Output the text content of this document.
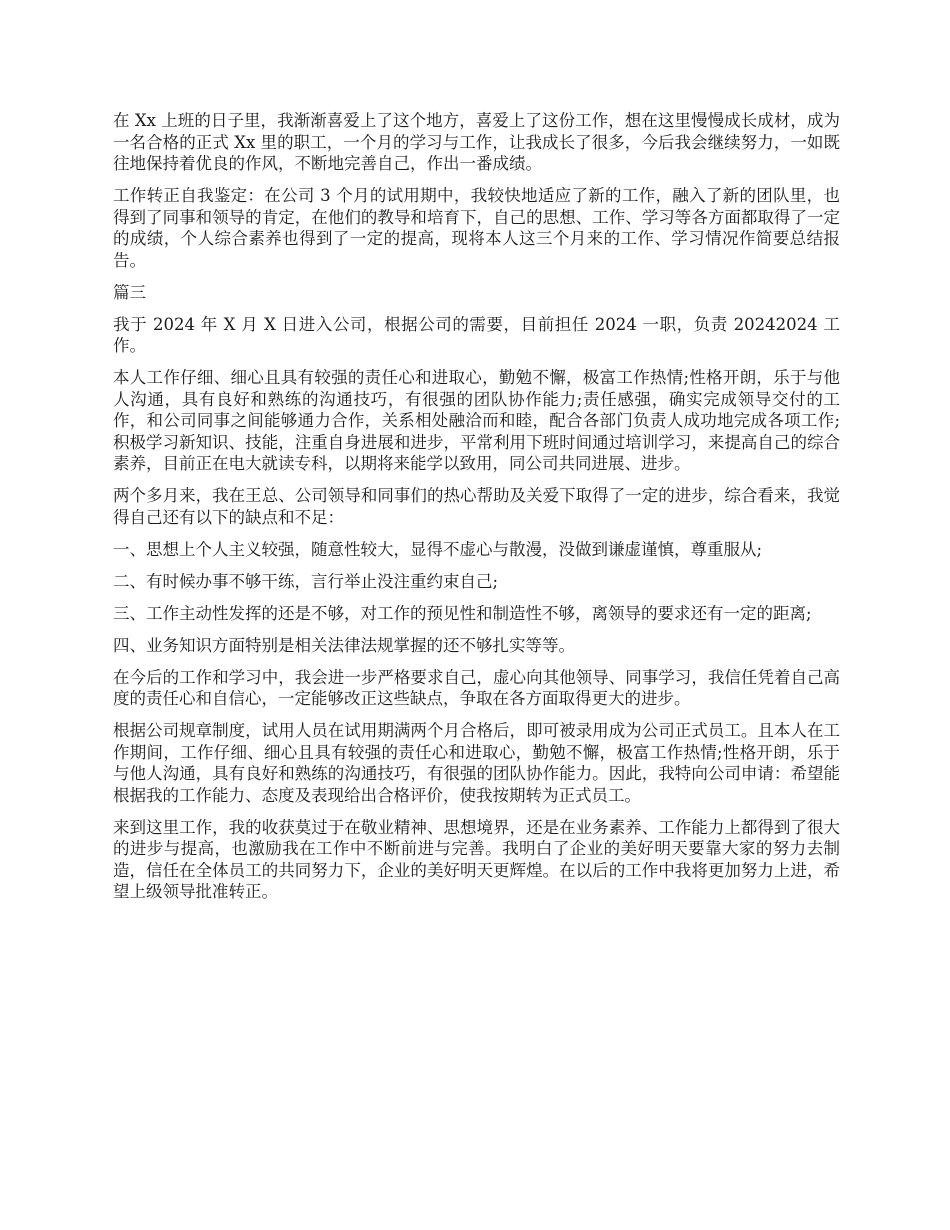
在 Xx 上班的日子里，我渐渐喜爱上了这个地方，喜爱上了这份工作，想在这里慢慢成长成材，成为一名合格的正式 Xx 里的职工，一个月的学习与工作，让我成长了很多，今后我会继续努力，一如既往地保持着优良的作风，不断地完善自己，作出一番成绩。

工作转正自我鉴定：在公司 3 个月的试用期中，我较快地适应了新的工作，融入了新的团队里，也得到了同事和领导的肯定，在他们的教导和培育下，自己的思想、工作、学习等各方面都取得了一定的成绩，个人综合素养也得到了一定的提高，现将本人这三个月来的工作、学习情况作简要总结报告。

篇三

我于 2024 年 X 月 X 日进入公司，根据公司的需要，目前担任 2024 一职，负责 20242024 工作。

本人工作仔细、细心且具有较强的责任心和进取心，勤勉不懈，极富工作热情;性格开朗，乐于与他人沟通，具有良好和熟练的沟通技巧，有很强的团队协作能力;责任感强，确实完成领导交付的工作，和公司同事之间能够通力合作，关系相处融洽而和睦，配合各部门负责人成功地完成各项工作;积极学习新知识、技能，注重自身进展和进步，平常利用下班时间通过培训学习，来提高自己的综合素养，目前正在电大就读专科，以期将来能学以致用，同公司共同进展、进步。

两个多月来，我在王总、公司领导和同事们的热心帮助及关爱下取得了一定的进步，综合看来，我觉得自己还有以下的缺点和不足：

一、思想上个人主义较强，随意性较大，显得不虚心与散漫，没做到谦虚谨慎，尊重服从;

二、有时候办事不够干练，言行举止没注重约束自己;

三、工作主动性发挥的还是不够，对工作的预见性和制造性不够，离领导的要求还有一定的距离;

四、业务知识方面特别是相关法律法规掌握的还不够扎实等等。

在今后的工作和学习中，我会进一步严格要求自己，虚心向其他领导、同事学习，我信任凭着自己高度的责任心和自信心，一定能够改正这些缺点，争取在各方面取得更大的进步。

根据公司规章制度，试用人员在试用期满两个月合格后，即可被录用成为公司正式员工。且本人在工作期间，工作仔细、细心且具有较强的责任心和进取心，勤勉不懈，极富工作热情;性格开朗，乐于与他人沟通，具有良好和熟练的沟通技巧，有很强的团队协作能力。因此，我特向公司申请：希望能根据我的工作能力、态度及表现给出合格评价，使我按期转为正式员工。

来到这里工作，我的收获莫过于在敬业精神、思想境界，还是在业务素养、工作能力上都得到了很大的进步与提高，也激励我在工作中不断前进与完善。我明白了企业的美好明天要靠大家的努力去制造，信任在全体员工的共同努力下，企业的美好明天更辉煌。在以后的工作中我将更加努力上进，希望上级领导批准转正。
